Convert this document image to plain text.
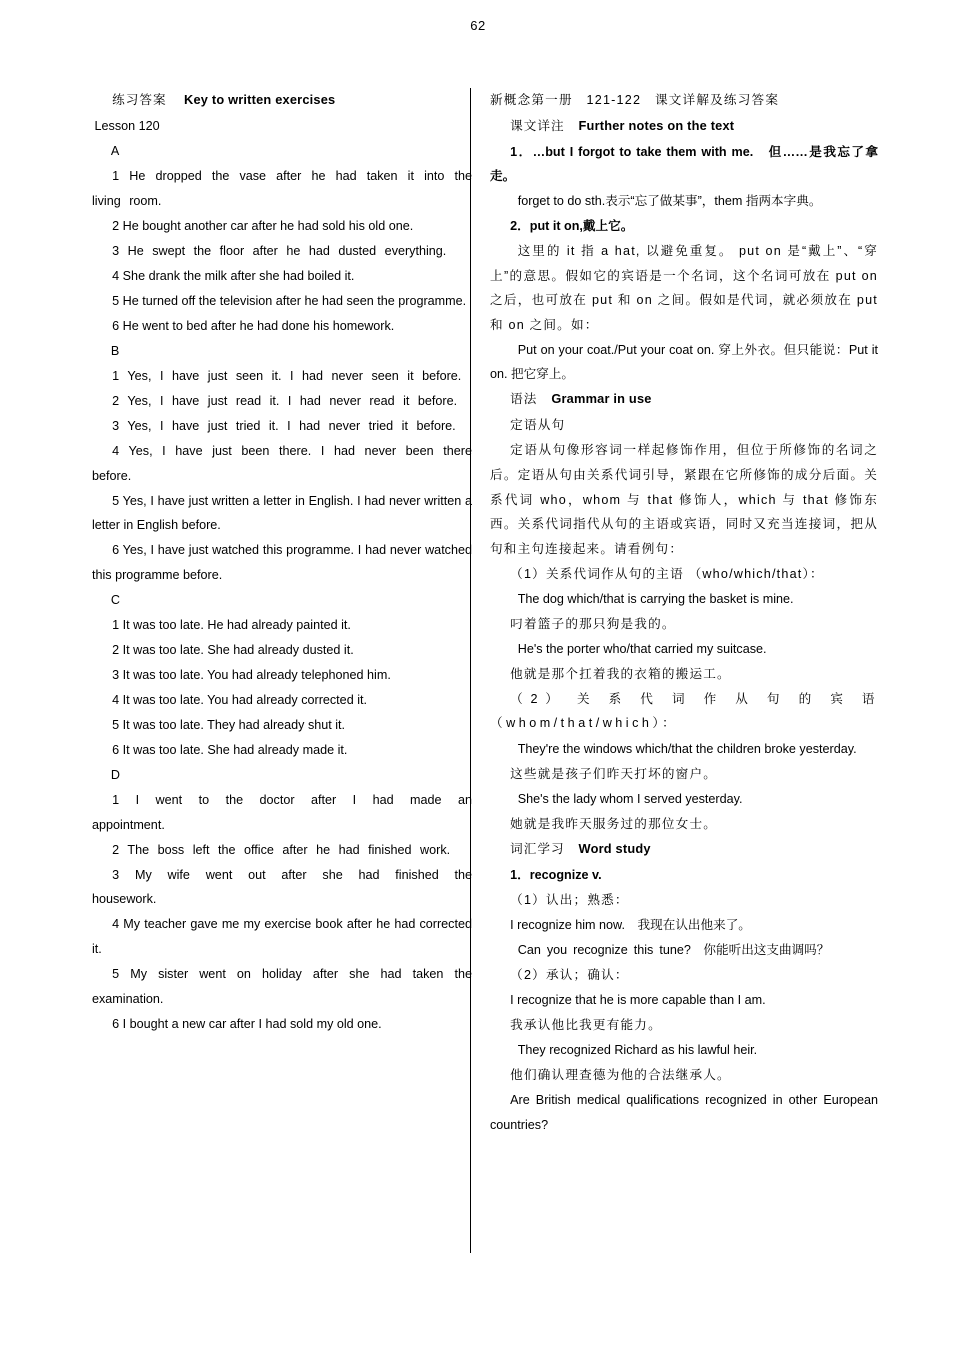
62

练习答案 Key to written exercises

Lesson 120

A

1 He dropped the vase after he had taken it into the living room.

2 He bought another car after he had sold his old one.

3 He swept the floor after he had dusted everything.

4 She drank the milk after she had boiled it.

5 He turned off the television after he had seen the programme.

6 He went to bed after he had done his homework.

B

1 Yes, I have just seen it. I had never seen it before.

2 Yes, I have just read it. I had never read it before.

3 Yes, I have just tried it. I had never tried it before.

4 Yes, I have just been there. I had never been there before.

5 Yes, I have just written a letter in English. I had never written a letter in English before.

6 Yes, I have just watched this programme. I had never watched this programme before.

C

1 It was too late. He had already painted it.

2 It was too late. She had already dusted it.

3 It was too late. You had already telephoned him.

4 It was too late. You had already corrected it.

5 It was too late. They had already shut it.

6 It was too late. She had already made it.

D

1 I went to the doctor after I had made an appointment.

2 The boss left the office after he had finished work.

3 My wife went out after she had finished the housework.

4 My teacher gave me my exercise book after he had corrected it.

5 My sister went on holiday after she had taken the examination.

6 I bought a new car after I had sold my old one.

新概念第一册　121-122　课文详解及练习答案

课文详注 Further notes on the text

1．…but I forgot to take them with me.　但……是我忘了拿走。

forget to do sth.表示“忘了做某事”，them 指两本字典。

2．put it on,戴上它。

这里的 it 指 a hat, 以避免重复。 put on 是“戴上”、“穿上”的意思。假如它的宾语是一个名词，这个名词可放在 put on 之后，也可放在 put 和 on 之间。假如是代词，就必须放在 put 和 on 之间。如：

Put on your coat./Put your coat on. 穿上外衣。但只能说：Put it on. 把它穿上。

语法 Grammar in use

定语从句

定语从句像形容词一样起修饰作用，但位于所修饰的名词之后。定语从句由关系代词引导，紧跟在它所修饰的成分后面。关系代词 who，whom 与 that 修饰人，which 与 that 修饰东西。关系代词指代从句的主语或宾语，同时又充当连接词，把从句和主句连接起来。请看例句：

（1）关系代词作从句的主语 （who/which/that）：

The dog which/that is carrying the basket is mine.

叼着篮子的那只狗是我的。

He's the porter who/that carried my suitcase.

他就是那个扛着我的衣箱的搬运工。

（2） 关 系 代 词 作 从 句 的 宾 语（whom/that/which）：

They're the windows which/that the children broke yesterday.

这些就是孩子们昨天打坏的窗户。

She's the lady whom I served yesterday.

她就是我昨天服务过的那位女士。

词汇学习 Word study

1．recognize v.

（1）认出；熟悉：

I recognize him now.　我现在认出他来了。

Can you recognize this tune?　你能听出这支曲调吗？

（2）承认；确认：

I recognize that he is more capable than I am.

我承认他比我更有能力。

They recognized Richard as his lawful heir.

他们确认理查德为他的合法继承人。

Are British medical qualifications recognized in other European countries?
